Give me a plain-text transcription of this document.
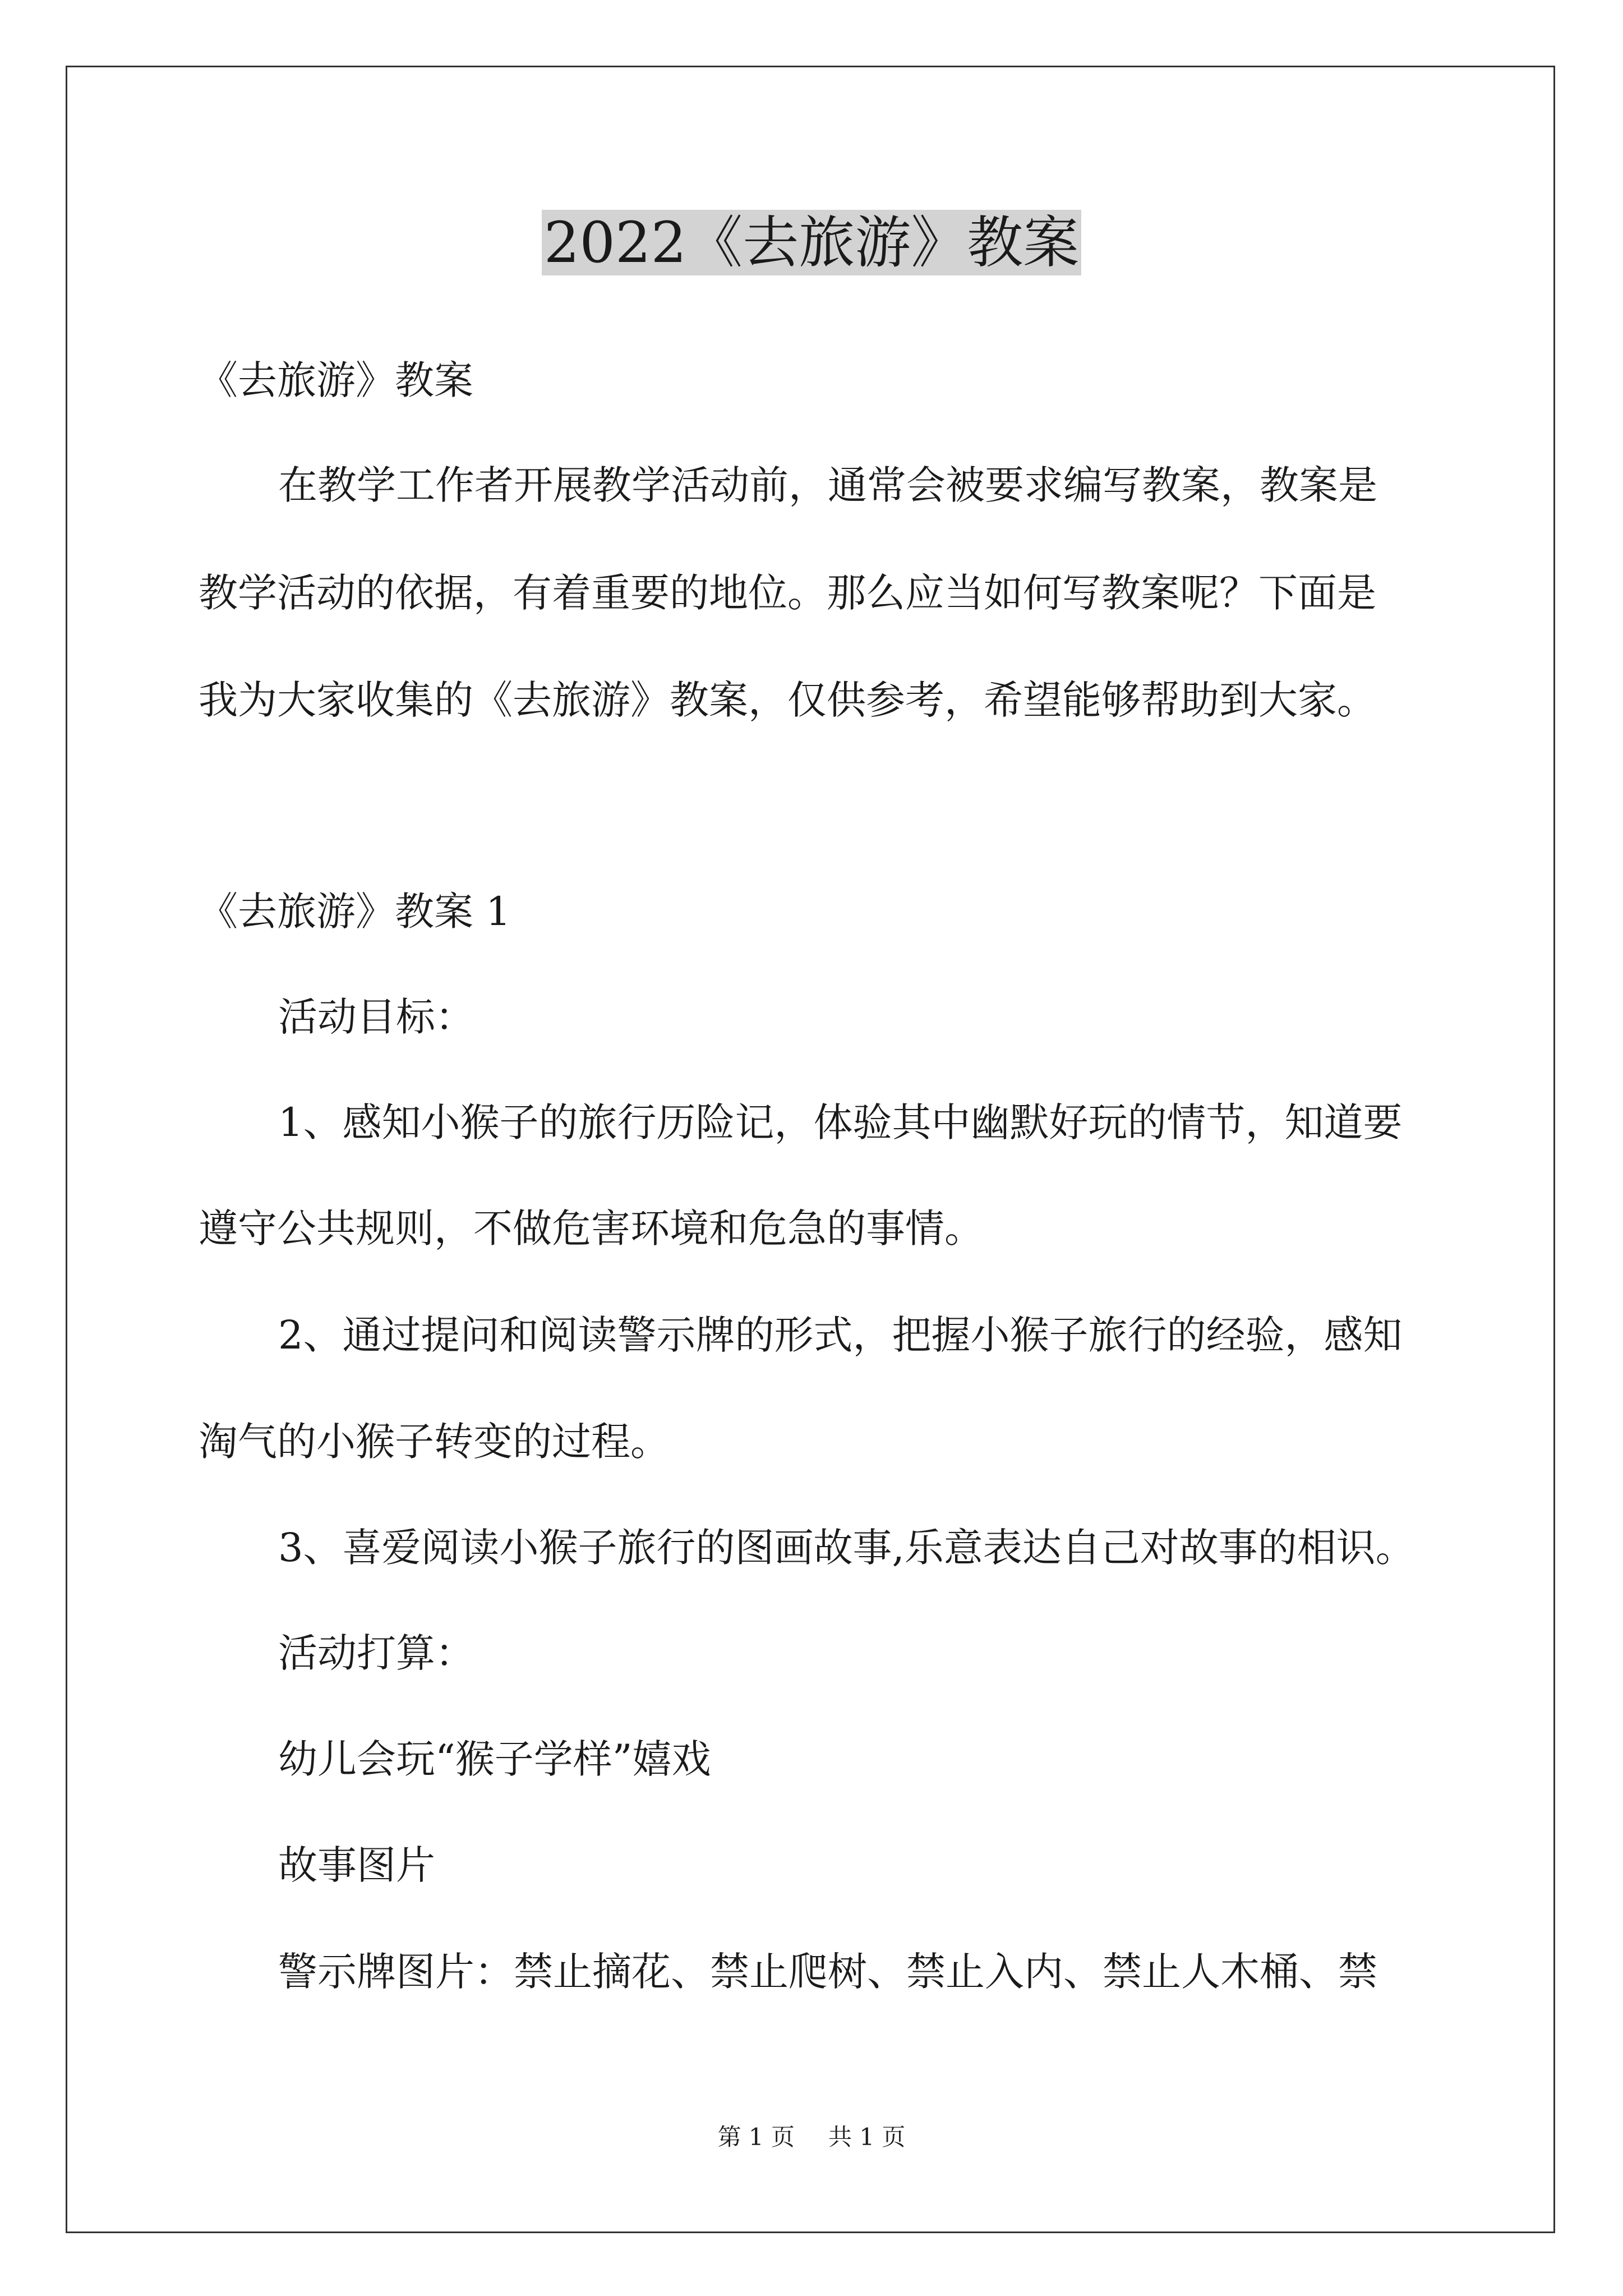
2022《去旅游》教案
《去旅游》教案
在教学工作者开展教学活动前，通常会被要求编写教案，教案是
教学活动的依据，有着重要的地位。那么应当如何写教案呢？下面是
我为大家收集的《去旅游》教案，仅供参考，希望能够帮助到大家。
《去旅游》教案 1
活动目标：
1、感知小猴子的旅行历险记，体验其中幽默好玩的情节，知道要
遵守公共规则，不做危害环境和危急的事情。
2、通过提问和阅读警示牌的形式，把握小猴子旅行的经验，感知
淘气的小猴子转变的过程。
3、喜爱阅读小猴子旅行的图画故事,乐意表达自己对故事的相识。
活动打算：
幼儿会玩“猴子学样”嬉戏
故事图片
警示牌图片：禁止摘花、禁止爬树、禁止入内、禁止人木桶、禁
第 1 页 共 1 页
